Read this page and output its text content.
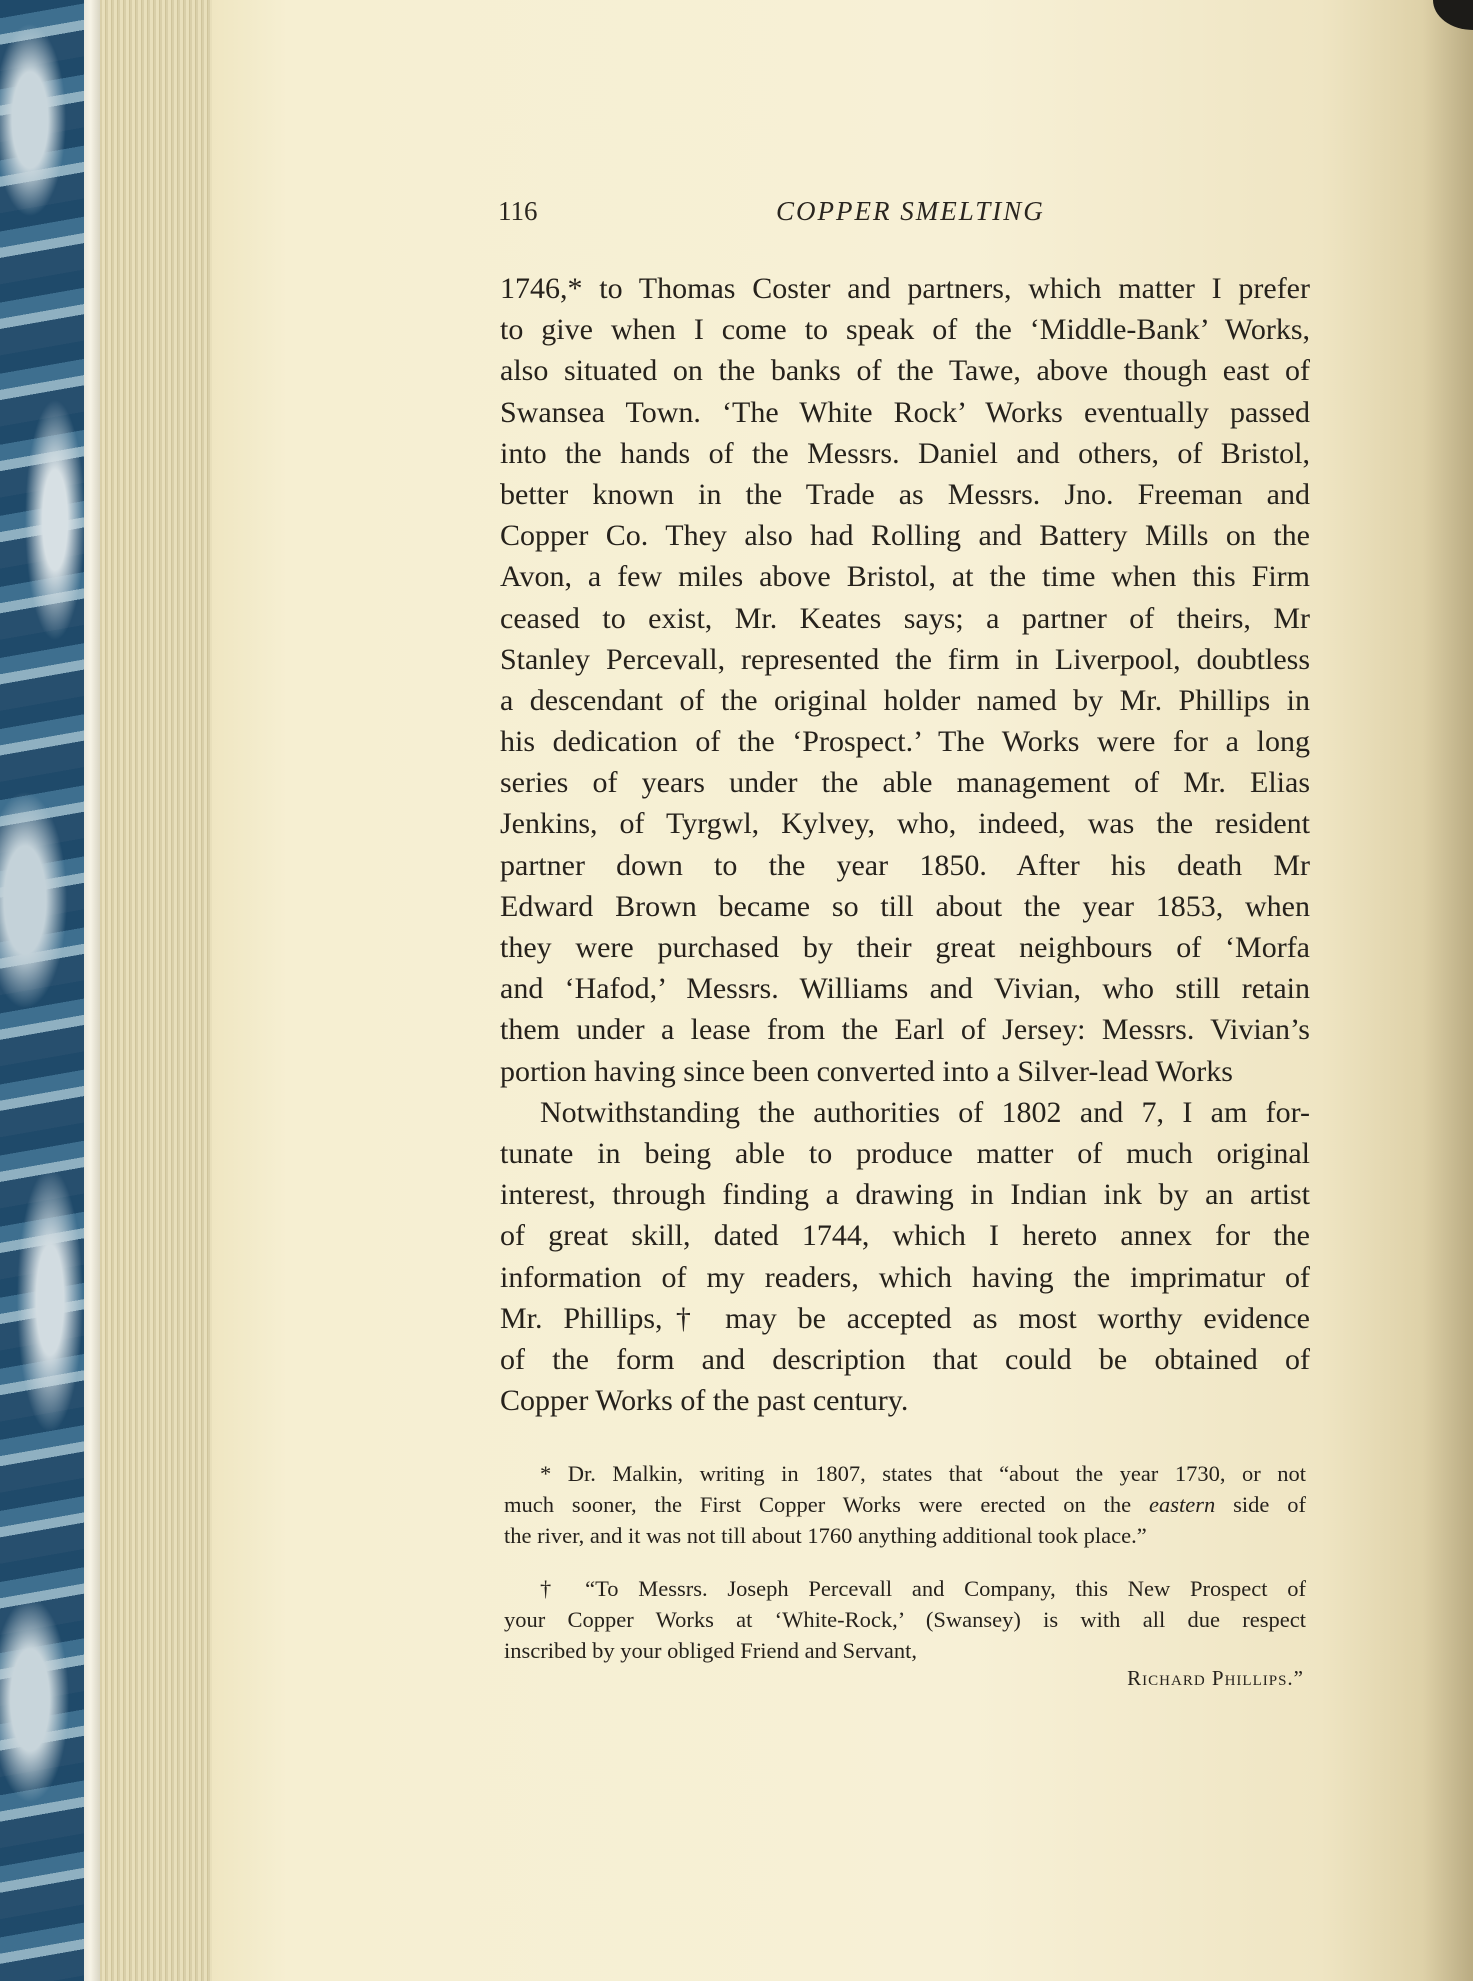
116	COPPER SMELTING
1746,* to Thomas Coster and partners, which matter I prefer
to give when I come to speak of the ‘Middle-Bank’ Works,
also situated on the banks of the Tawe, above though east of
Swansea Town. ‘The White Rock’ Works eventually passed
into the hands of the Messrs. Daniel and others, of Bristol,
better known in the Trade as Messrs. Jno. Freeman and
Copper Co. They also had Rolling and Battery Mills on the
Avon, a few miles above Bristol, at the time when this Firm
ceased to exist, Mr. Keates says; a partner of theirs, Mr
Stanley Percevall, represented the firm in Liverpool, doubtless
a descendant of the original holder named by Mr. Phillips in
his dedication of the ‘Prospect.’ The Works were for a long
series of years under the able management of Mr. Elias
Jenkins, of Tyrgwl, Kylvey, who, indeed, was the resident
partner down to the year 1850. After his death Mr
Edward Brown became so till about the year 1853, when
they were purchased by their great neighbours of ‘Morfa
and ‘Hafod,’ Messrs. Williams and Vivian, who still retain
them under a lease from the Earl of Jersey: Messrs. Vivian’s
portion having since been converted into a Silver-lead Works
Notwithstanding the authorities of 1802 and 7, I am for-
tunate in being able to produce matter of much original
interest, through finding a drawing in Indian ink by an artist
of great skill, dated 1744, which I hereto annex for the
information of my readers, which having the imprimatur of
Mr. Phillips,† may be accepted as most worthy evidence
of the form and description that could be obtained of
Copper Works of the past century.
* Dr. Malkin, writing in 1807, states that “about the year 1730, or not
much sooner, the First Copper Works were erected on the eastern side of
the river, and it was not till about 1760 anything additional took place.”
† “To Messrs. Joseph Percevall and Company, this New Prospect of
your Copper Works at ‘White-Rock,’ (Swansey) is with all due respect
inscribed by your obliged Friend and Servant,
Richard Phillips.”
